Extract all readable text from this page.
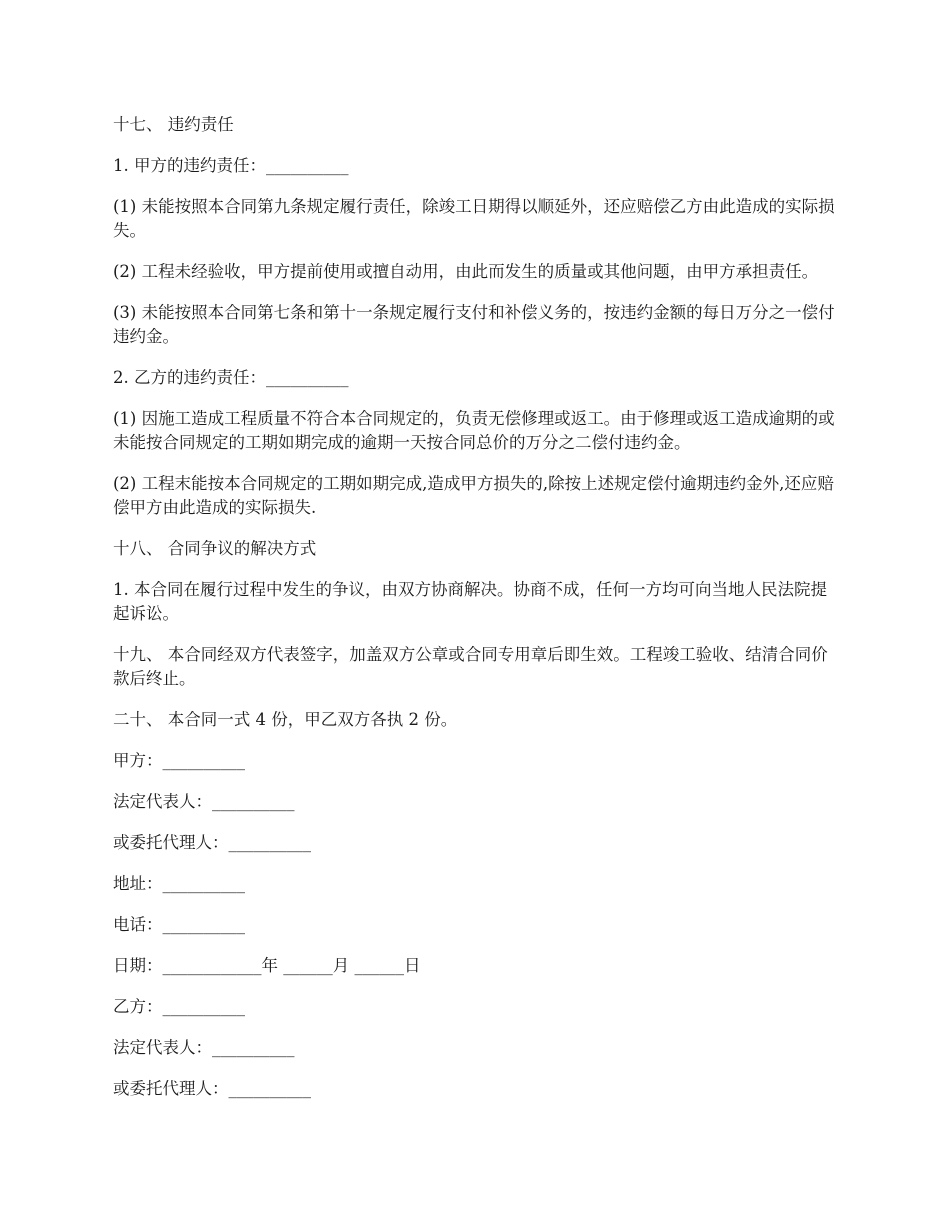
十七、 违约责任

1. 甲方的违约责任：__________

(1) 未能按照本合同第九条规定履行责任，除竣工日期得以顺延外，还应赔偿乙方由此造成的实际损失。

(2) 工程未经验收，甲方提前使用或擅自动用，由此而发生的质量或其他问题，由甲方承担责任。

(3) 未能按照本合同第七条和第十一条规定履行支付和补偿义务的，按违约金额的每日万分之一偿付违约金。

2. 乙方的违约责任：__________

(1) 因施工造成工程质量不符合本合同规定的，负责无偿修理或返工。由于修理或返工造成逾期的或未能按合同规定的工期如期完成的逾期一天按合同总价的万分之二偿付违约金。

(2) 工程末能按本合同规定的工期如期完成,造成甲方损失的,除按上述规定偿付逾期违约金外,还应赔偿甲方由此造成的实际损失.

十八、 合同争议的解决方式

1. 本合同在履行过程中发生的争议，由双方协商解决。协商不成，任何一方均可向当地人民法院提起诉讼。

十九、 本合同经双方代表签字，加盖双方公章或合同专用章后即生效。工程竣工验收、结清合同价款后终止。

二十、 本合同一式 4 份，甲乙双方各执 2 份。

甲方：__________

法定代表人：__________

或委托代理人：__________

地址：__________

电话：__________

日期：____________年 ______月 ______日

乙方：__________

法定代表人：__________

或委托代理人：__________
